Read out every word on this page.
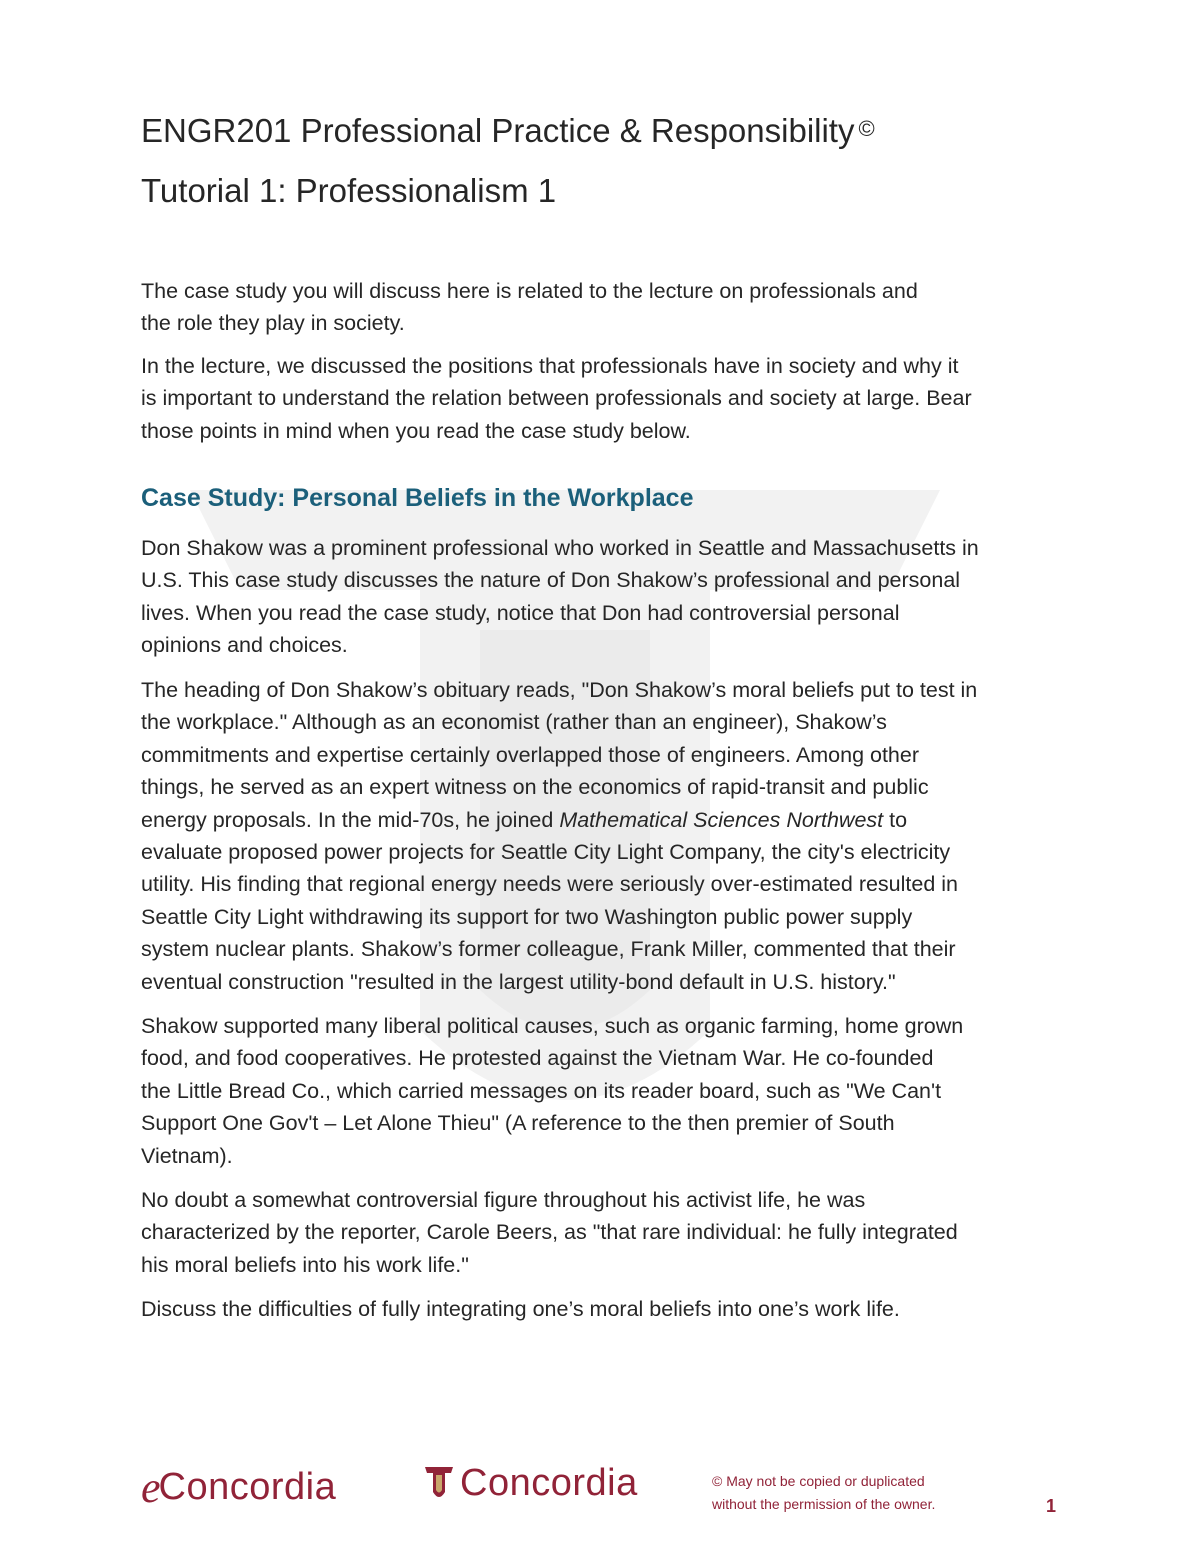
ENGR201 Professional Practice & Responsibility ©
Tutorial 1: Professionalism 1

The case study you will discuss here is related to the lecture on professionals and
the role they play in society.

In the lecture, we discussed the positions that professionals have in society and why it
is important to understand the relation between professionals and society at large. Bear
those points in mind when you read the case study below.

Case Study: Personal Beliefs in the Workplace

Don Shakow was a prominent professional who worked in Seattle and Massachusetts in
U.S. This case study discusses the nature of Don Shakow’s professional and personal
lives. When you read the case study, notice that Don had controversial personal
opinions and choices.

The heading of Don Shakow’s obituary reads, "Don Shakow’s moral beliefs put to test in
the workplace." Although as an economist (rather than an engineer), Shakow’s
commitments and expertise certainly overlapped those of engineers. Among other
things, he served as an expert witness on the economics of rapid-transit and public
energy proposals. In the mid-70s, he joined Mathematical Sciences Northwest to
evaluate proposed power projects for Seattle City Light Company, the city's electricity
utility. His finding that regional energy needs were seriously over-estimated resulted in
Seattle City Light withdrawing its support for two Washington public power supply
system nuclear plants. Shakow’s former colleague, Frank Miller, commented that their
eventual construction "resulted in the largest utility-bond default in U.S. history."

Shakow supported many liberal political causes, such as organic farming, home grown
food, and food cooperatives. He protested against the Vietnam War. He co-founded
the Little Bread Co., which carried messages on its reader board, such as "We Can't
Support One Gov't – Let Alone Thieu" (A reference to the then premier of South
Vietnam).

No doubt a somewhat controversial figure throughout his activist life, he was
characterized by the reporter, Carole Beers, as "that rare individual: he fully integrated
his moral beliefs into his work life."

Discuss the difficulties of fully integrating one’s moral beliefs into one’s work life.

e
Concordia	Concordia	© May not be copied or duplicated
without the permission of the owner.	1
